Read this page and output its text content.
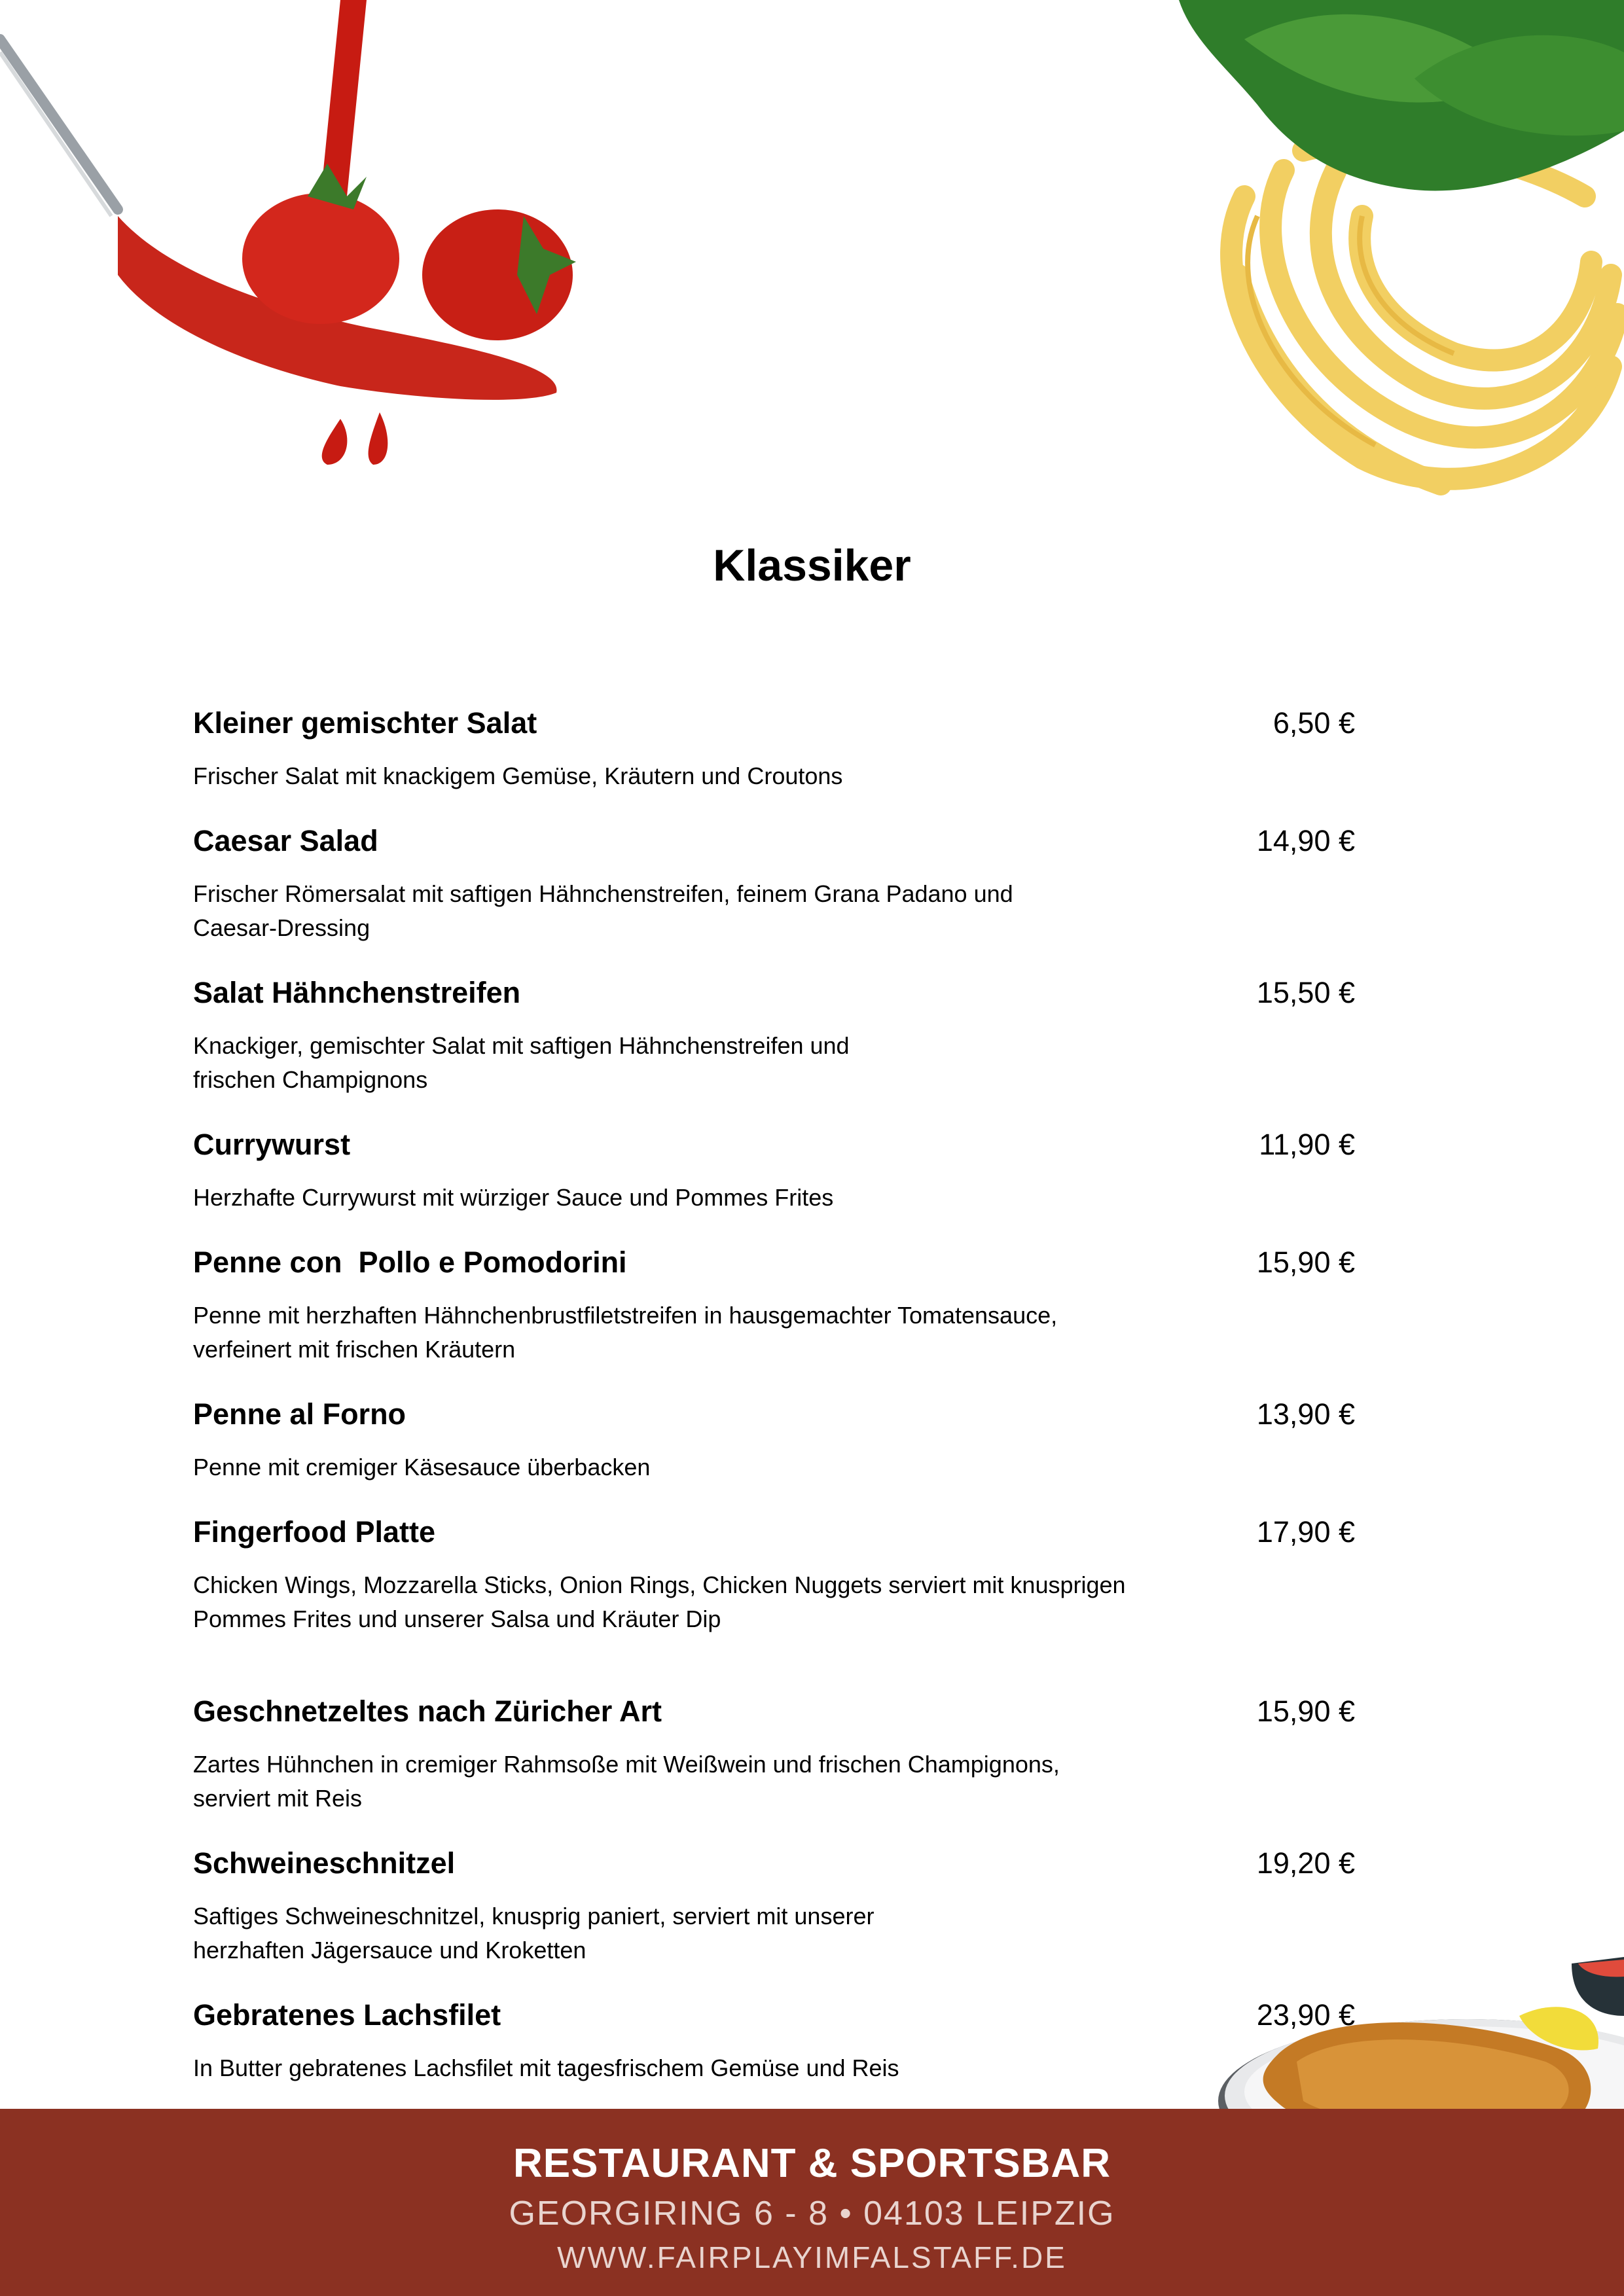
Klassiker
Kleiner gemischter Salat	6,50 €
Frischer Salat mit knackigem Gemüse, Kräutern und Croutons
Caesar Salad	14,90 €
Frischer Römersalat mit saftigen Hähnchenstreifen, feinem Grana Padano und
Caesar-Dressing
Salat Hähnchenstreifen	15,50 €
Knackiger, gemischter Salat mit saftigen Hähnchenstreifen und
frischen Champignons
Currywurst	11,90 €
Herzhafte Currywurst mit würziger Sauce und Pommes Frites
Penne con  Pollo e Pomodorini	15,90 €
Penne mit herzhaften Hähnchenbrustfiletstreifen in hausgemachter Tomatensauce,
verfeinert mit frischen Kräutern
Penne al Forno	13,90 €
Penne mit cremiger Käsesauce überbacken
Fingerfood Platte	17,90 €
Chicken Wings, Mozzarella Sticks, Onion Rings, Chicken Nuggets serviert mit knusprigen
Pommes Frites und unserer Salsa und Kräuter Dip
Geschnetzeltes nach Züricher Art	15,90 €
Zartes Hühnchen in cremiger Rahmsoße mit Weißwein und frischen Champignons,
serviert mit Reis
Schweineschnitzel	19,20 €
Saftiges Schweineschnitzel, knusprig paniert, serviert mit unserer
herzhaften Jägersauce und Kroketten
Gebratenes Lachsfilet	23,90 €
In Butter gebratenes Lachsfilet mit tagesfrischem Gemüse und Reis
RESTAURANT & SPORTSBAR
GEORGIRING 6 - 8 • 04103 LEIPZIG
WWW.FAIRPLAYIMFALSTAFF.DE
